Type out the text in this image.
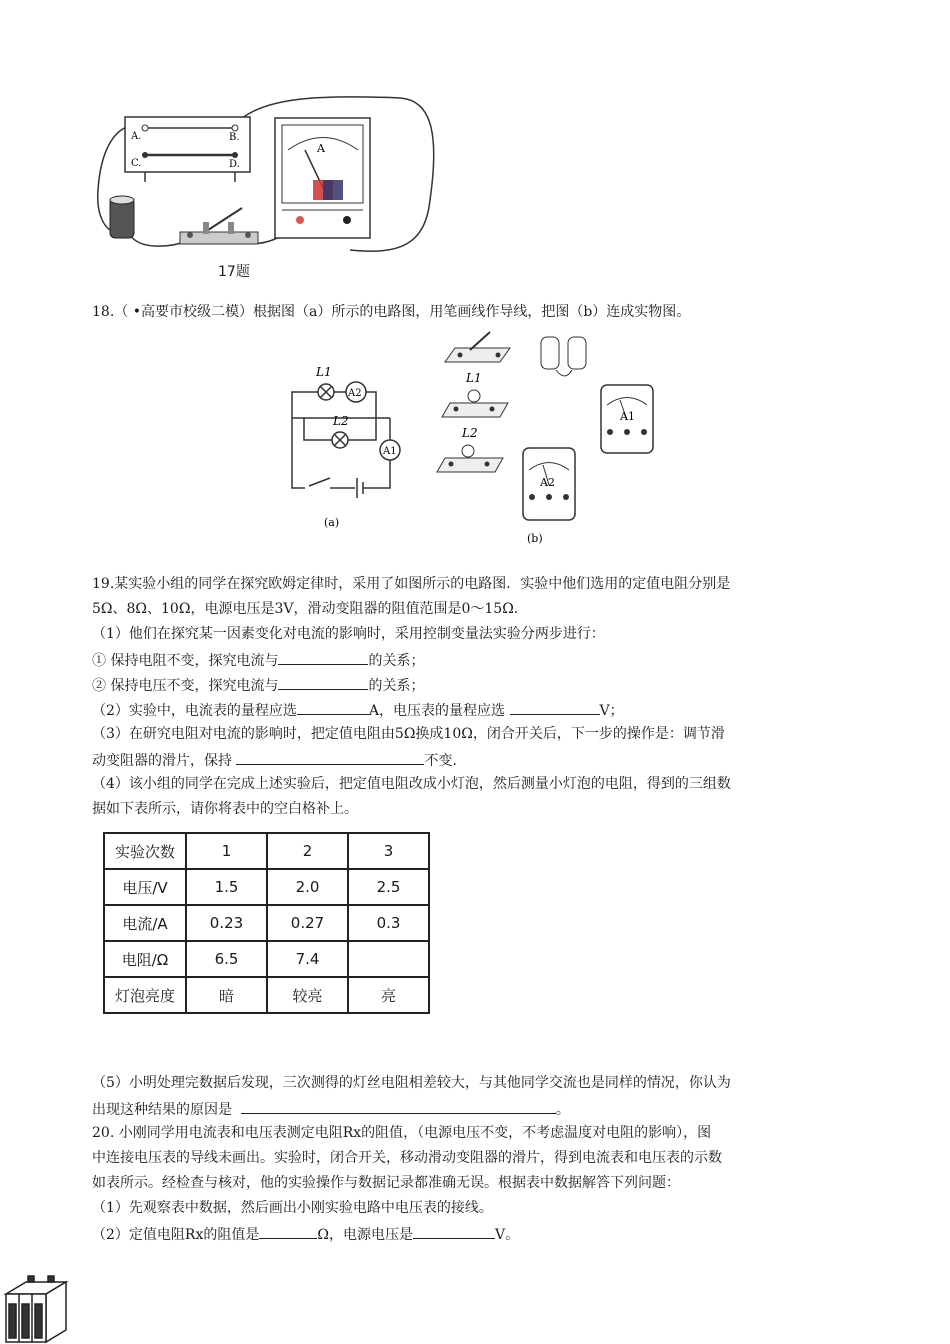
A.	B.
C.	D.
A
17题
18.（ •高要市校级二模）根据图（a）所示的电路图，用笔画线作导线，把图（b）连成实物图。
L1
A2
L2
A1
(a)
L1
L2
A1
A2
(b)
19.某实验小组的同学在探究欧姆定律时，采用了如图所示的电路图．实验中他们选用的定值电阻分别是
5Ω、8Ω、10Ω，电源电压是3V，滑动变阻器的阻值范围是0～15Ω．
（1）他们在探究某一因素变化对电流的影响时，采用控制变量法实验分两步进行：
① 保持电阻不变，探究电流与	的关系；
② 保持电压不变，探究电流与	的关系；
（2）实验中，电流表的量程应选	A，电压表的量程应选	V；
（3）在研究电阻对电流的影响时，把定值电阻由5Ω换成10Ω，闭合开关后，下一步的操作是：调节滑
动变阻器的滑片，保持	不变.
（4）该小组的同学在完成上述实验后，把定值电阻改成小灯泡，然后测量小灯泡的电阻，得到的三组数
据如下表所示，请你将表中的空白格补上。
实验次数	1	2	3
电压/V	1.5	2.0	2.5
电流/A	0.23	0.27	0.3
电阻/Ω	6.5	7.4	
灯泡亮度	暗	较亮	亮
（5）小明处理完数据后发现，三次测得的灯丝电阻相差较大，与其他同学交流也是同样的情况，你认为
出现这种结果的原因是	。
20. 小刚同学用电流表和电压表测定电阻Rx的阻值，（电源电压不变，不考虑温度对电阻的影响），图
中连接电压表的导线未画出。实验时，闭合开关，移动滑动变阻器的滑片，得到电流表和电压表的示数
如表所示。经检查与核对，他的实验操作与数据记录都准确无误。根据表中数据解答下列问题：
（1）先观察表中数据，然后画出小刚实验电路中电压表的接线。
（2）定值电阻Rx的阻值是	Ω，电源电压是	V。
